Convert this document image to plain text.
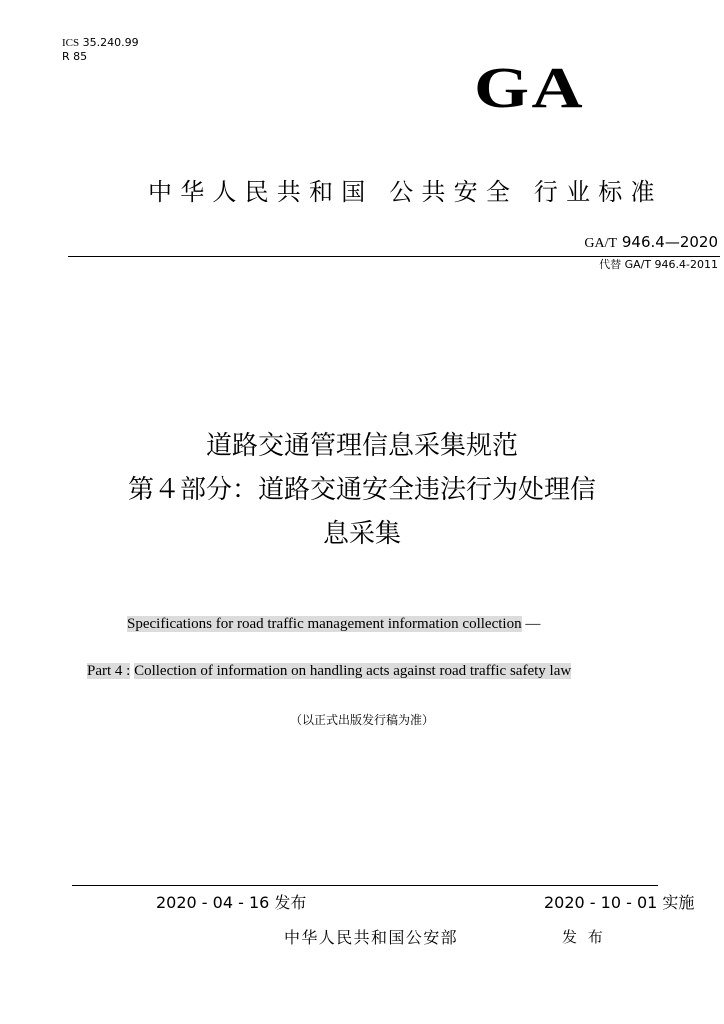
ICS 35.240.99
R 85	GA
中华人民共和国 公共安全 行业标准
GA/T 946.4—2020
代替 GA/T 946.4-2011
道路交通管理信息采集规范
第４部分：道路交通安全违法行为处理信
息采集
Specifications for road traffic management information collection —
Part 4 : Collection of information on handling acts against road traffic safety law
（以正式出版发行稿为准）
2020 - 04 - 16 发布	2020 - 10 - 01 实施
中华人民共和国公安部	发 布
